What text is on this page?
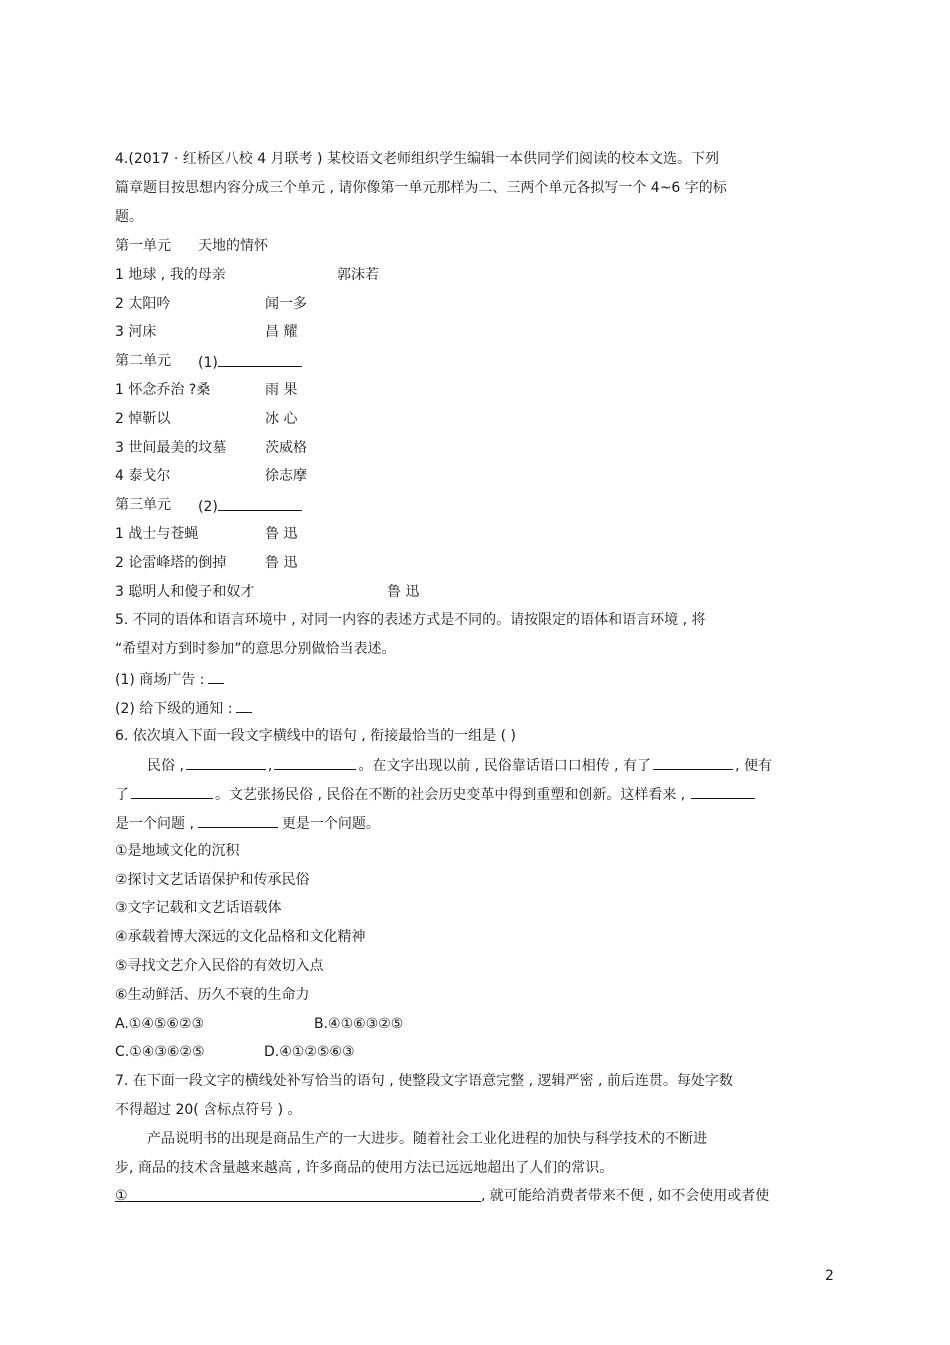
4.(2017 · 红桥区八校 4 月联考 ) 某校语文老师组织学生编辑一本供同学们阅读的校本文选。下列
篇章题目按思想内容分成三个单元 , 请你像第一单元那样为二、三两个单元各拟写一个 4~6 字的标
题。
第一单元 天地的情怀
1 地球 , 我的母亲	郭沫若
2 太阳吟	闻一多
3 河床	昌 耀
第二单元 (1)
1 怀念乔治 ?桑	雨 果
2 悼靳以	冰 心
3 世间最美的坟墓	茨威格
4 泰戈尔	徐志摩
第三单元 (2)
1 战士与苍蝇	鲁 迅
2 论雷峰塔的倒掉	鲁 迅
3 聪明人和傻子和奴才	鲁 迅
5. 不同的语体和语言环境中 , 对同一内容的表述方式是不同的。请按限定的语体和语言环境 , 将
“希望对方到时参加”的意思分别做恰当表述。
(1) 商场广告 :
(2) 给下级的通知 :
6. 依次填入下面一段文字横线中的语句 , 衔接最恰当的一组是 ( )
民俗 ,	,	。在文字出现以前 , 民俗靠话语口口相传 , 有了	, 便有
了	。文艺张扬民俗 , 民俗在不断的社会历史变革中得到重塑和创新。这样看来 ,
是一个问题 ,	更是一个问题。
①是地域文化的沉积
②探讨文艺话语保护和传承民俗
③文字记载和文艺话语载体
④承载着博大深远的文化品格和文化精神
⑤寻找文艺介入民俗的有效切入点
⑥生动鲜活、历久不衰的生命力
A.①④⑤⑥②③	B.④①⑥③②⑤
C.①④③⑥②⑤	D.④①②⑤⑥③
7. 在下面一段文字的横线处补写恰当的语句 , 使整段文字语意完整 , 逻辑严密 , 前后连贯。每处字数
不得超过 20( 含标点符号 ) 。
产品说明书的出现是商品生产的一大进步。随着社会工业化进程的加快与科学技术的不断进
步, 商品的技术含量越来越高 , 许多商品的使用方法已远远地超出了人们的常识。
①	, 就可能给消费者带来不便 , 如不会使用或者使
2
